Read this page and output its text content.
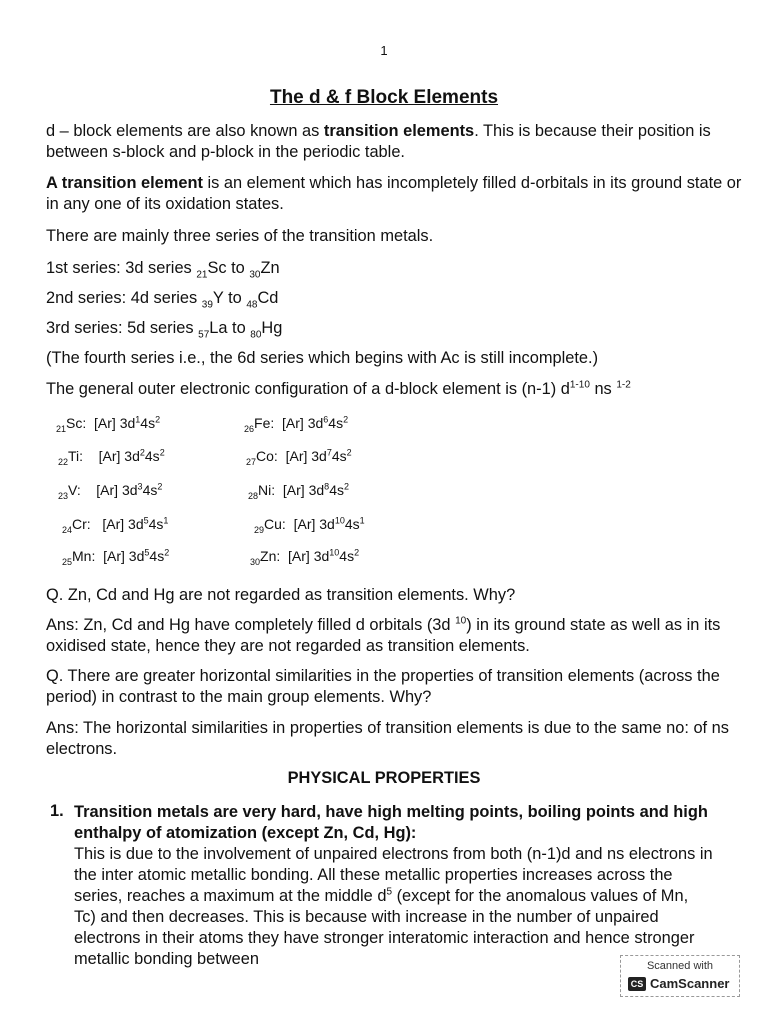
1
The d & f Block Elements
d – block elements are also known as transition elements. This is because their position is between s-block and p-block in the periodic table.
A transition element is an element which has incompletely filled d-orbitals in its ground state or in any one of its oxidation states.
There are mainly three series of the transition metals.
1st series: 3d series $_{21}$Sc to $_{30}$Zn
2nd series: 4d series $_{39}$Y to $_{48}$Cd
3rd series: 5d series $_{57}$La to $_{80}$Hg
(The fourth series i.e., the 6d series which begins with Ac is still incomplete.)
The general outer electronic configuration of a d-block element is (n-1) $d^{1-10}$ ns $^{1-2}$
$_{21}$Sc: [Ar] $3d^14s^2$
$_{22}$Ti: [Ar] $3d^24s^2$
$_{23}$V: [Ar] $3d^34s^2$
$_{24}$Cr: [Ar] $3d^54s^1$
$_{25}$Mn: [Ar] $3d^54s^2$
$_{26}$Fe: [Ar] $3d^64s^2$
$_{27}$Co: [Ar] $3d^74s^2$
$_{28}$Ni: [Ar] $3d^84s^2$
$_{29}$Cu: [Ar] $3d^{10}4s^1$
$_{30}$Zn: [Ar] $3d^{10}4s^2$
Q. Zn, Cd and Hg are not regarded as transition elements. Why?
Ans: Zn, Cd and Hg have completely filled d orbitals (3d $^{10}$) in its ground state as well as in its oxidised state, hence they are not regarded as transition elements.
Q. There are greater horizontal similarities in the properties of transition elements (across the period) in contrast to the main group elements. Why?
Ans: The horizontal similarities in properties of transition elements is due to the same no: of ns electrons.
PHYSICAL PROPERTIES
1. Transition metals are very hard, have high melting points, boiling points and high enthalpy of atomization (except Zn, Cd, Hg):
This is due to the involvement of unpaired electrons from both (n-1)d and ns electrons in the inter atomic metallic bonding. All these metallic properties increases across the series, reaches a maximum at the middle $d^5$ (except for the anomalous values of Mn, Tc) and then decreases. This is because with increase in the number of unpaired electrons in their atoms they have stronger interatomic interaction and hence stronger metallic bonding between	Scanned with
CS CamScanner
